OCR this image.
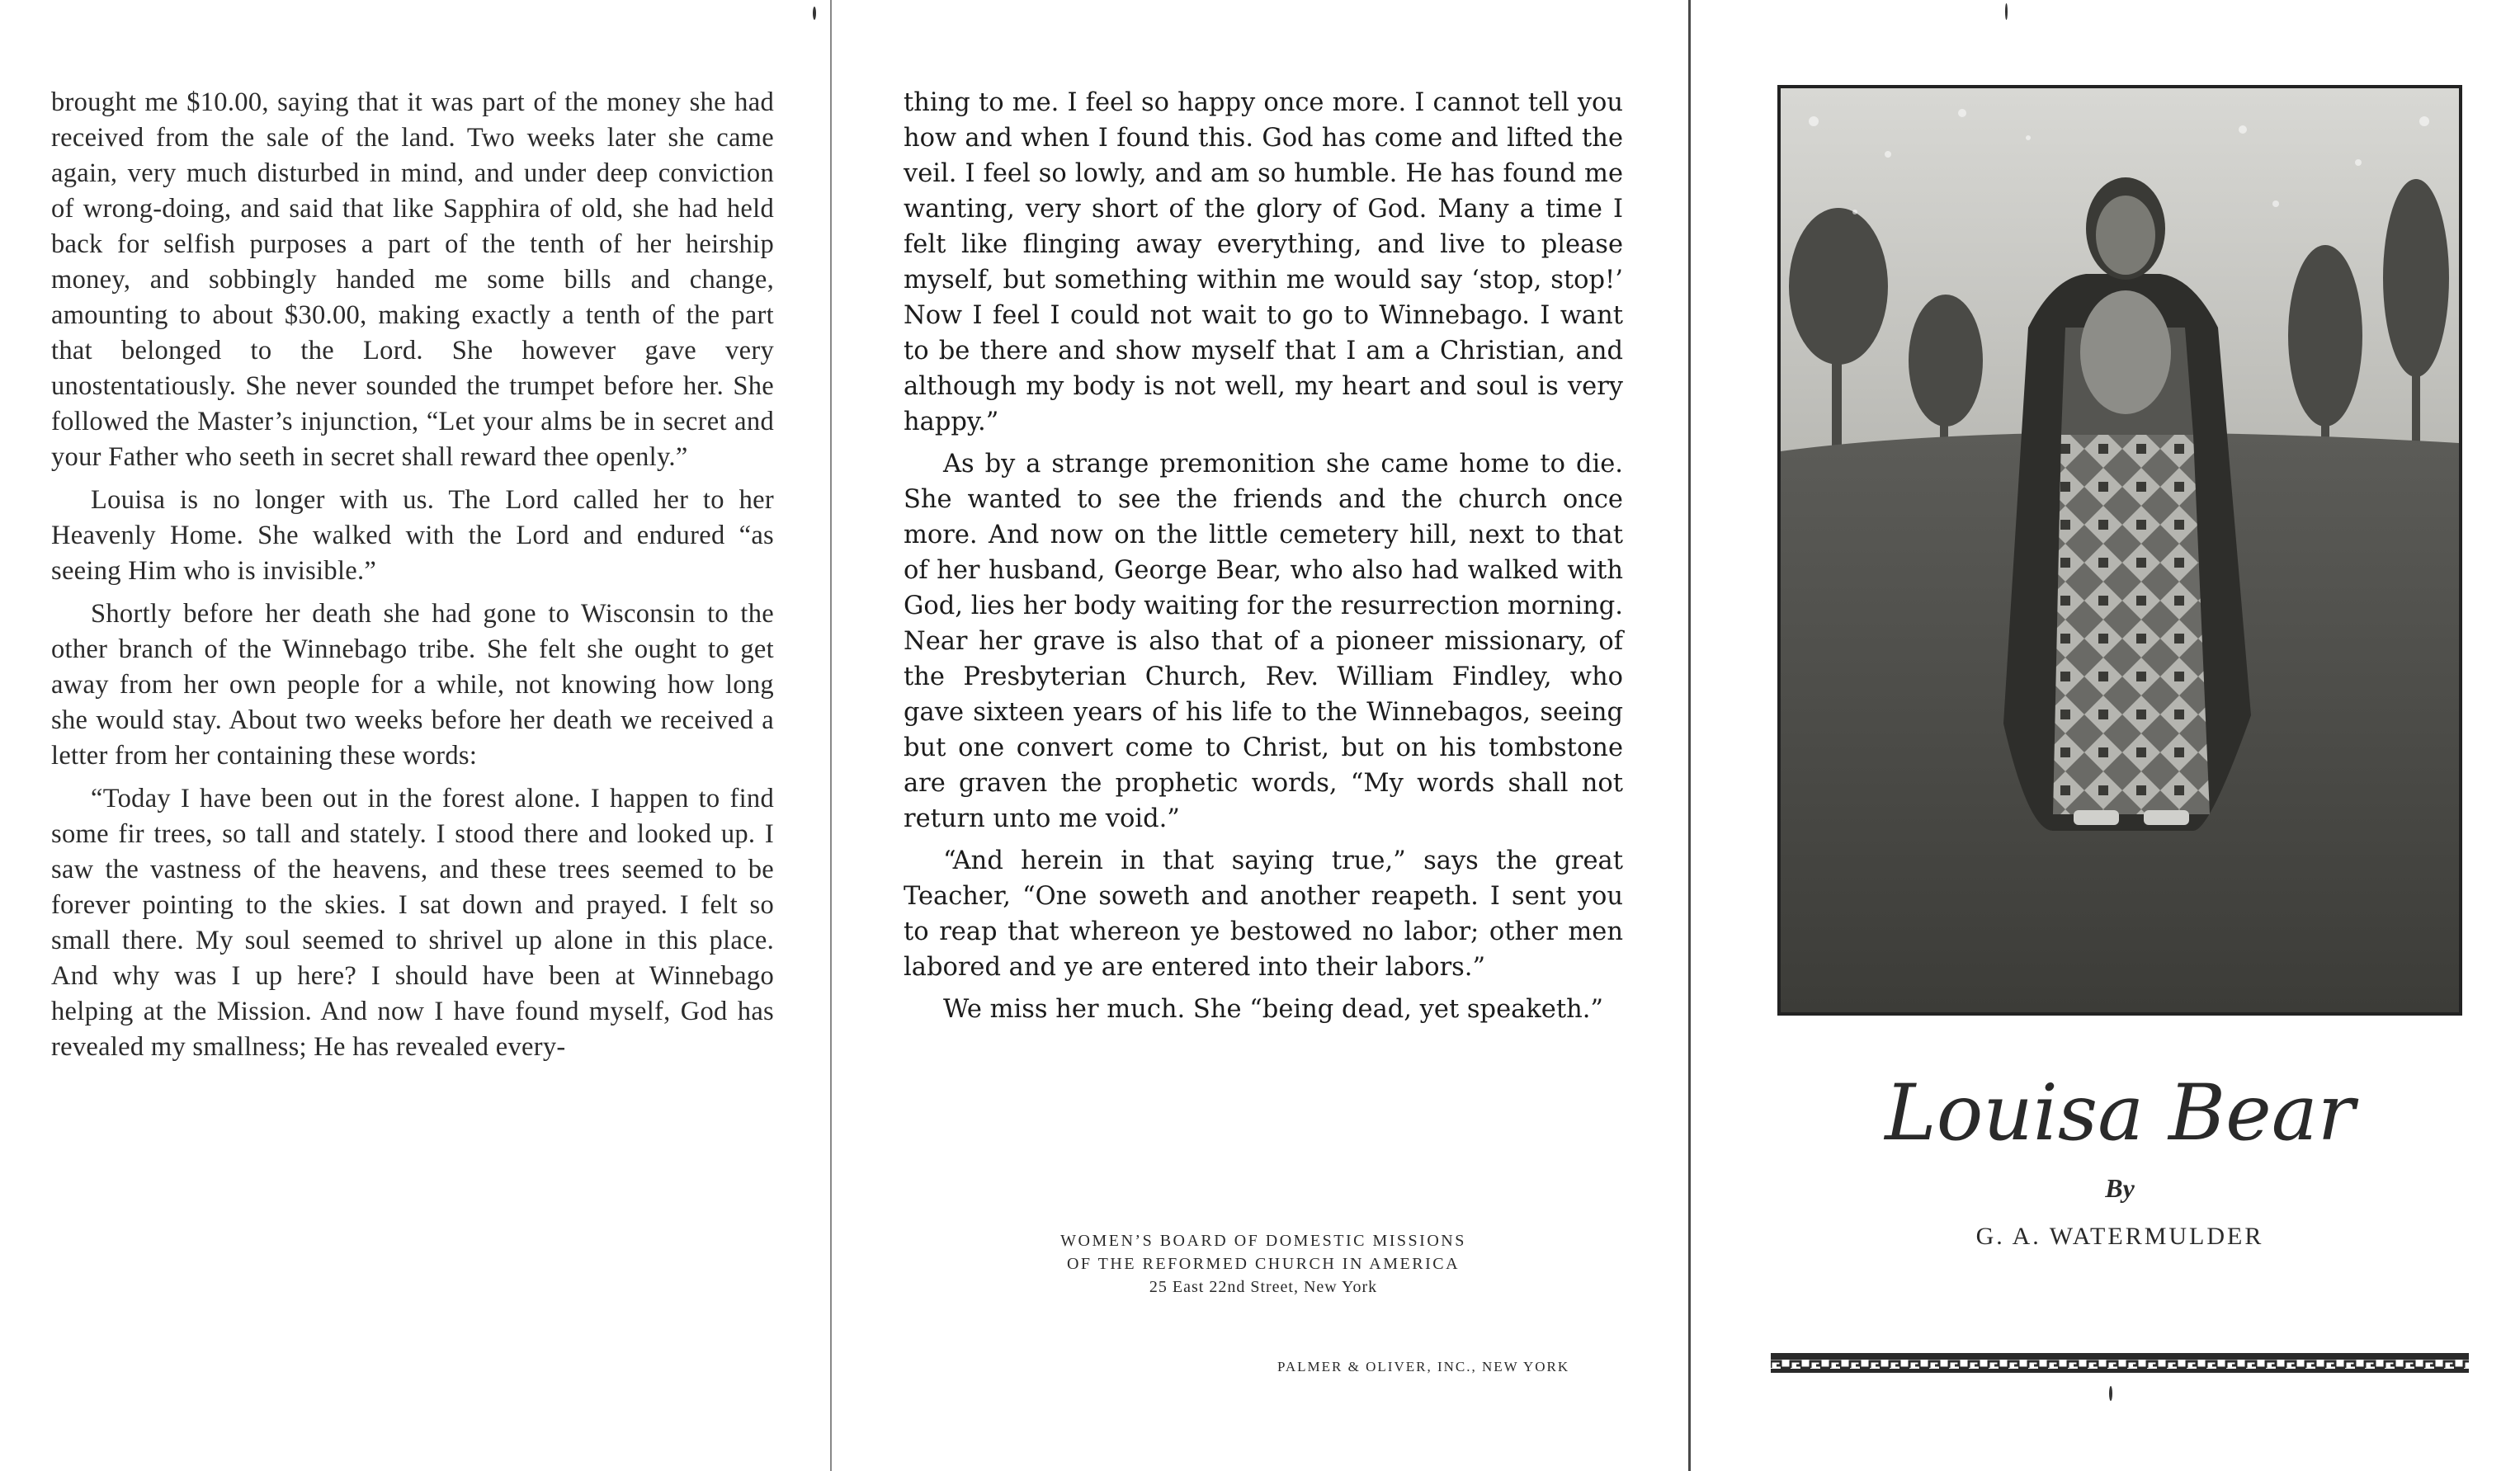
brought me $10.00, saying that it was part of the money she had received from the sale of the land. Two weeks later she came again, very much disturbed in mind, and under deep conviction of wrong-doing, and said that like Sapphira of old, she had held back for selfish purposes a part of the tenth of her heirship money, and sobbingly handed me some bills and change, amounting to about $30.00, making exactly a tenth of the part that belonged to the Lord. She however gave very unostentatiously. She never sounded the trumpet before her. She followed the Master’s injunction, “Let your alms be in secret and your Father who seeth in secret shall reward thee openly.”

Louisa is no longer with us. The Lord called her to her Heavenly Home. She walked with the Lord and endured “as seeing Him who is invisible.”

Shortly before her death she had gone to Wisconsin to the other branch of the Winnebago tribe. She felt she ought to get away from her own people for a while, not knowing how long she would stay. About two weeks before her death we received a letter from her containing these words:

“Today I have been out in the forest alone. I happen to find some fir trees, so tall and stately. I stood there and looked up. I saw the vastness of the heavens, and these trees seemed to be forever pointing to the skies. I sat down and prayed. I felt so small there. My soul seemed to shrivel up alone in this place. And why was I up here? I should have been at Winnebago helping at the Mission. And now I have found myself, God has revealed my smallness; He has revealed every-

thing to me. I feel so happy once more. I cannot tell you how and when I found this. God has come and lifted the veil. I feel so lowly, and am so humble. He has found me wanting, very short of the glory of God. Many a time I felt like flinging away everything, and live to please myself, but something within me would say ‘stop, stop!’ Now I feel I could not wait to go to Winnebago. I want to be there and show myself that I am a Christian, and although my body is not well, my heart and soul is very happy.”

As by a strange premonition she came home to die. She wanted to see the friends and the church once more. And now on the little cemetery hill, next to that of her husband, George Bear, who also had walked with God, lies her body waiting for the resurrection morning. Near her grave is also that of a pioneer missionary, of the Presbyterian Church, Rev. William Findley, who gave sixteen years of his life to the Winnebagos, seeing but one convert come to Christ, but on his tombstone are graven the prophetic words, “My words shall not return unto me void.”

“And herein in that saying true,” says the great Teacher, “One soweth and another reapeth. I sent you to reap that whereon ye bestowed no labor; other men labored and ye are entered into their labors.”

We miss her much. She “being dead, yet speaketh.”

WOMEN’S BOARD OF DOMESTIC MISSIONS
OF THE REFORMED CHURCH IN AMERICA
25 East 22nd Street, New York
PALMER & OLIVER, INC., NEW YORK
Louisa Bear
By
G. A. WATERMULDER
